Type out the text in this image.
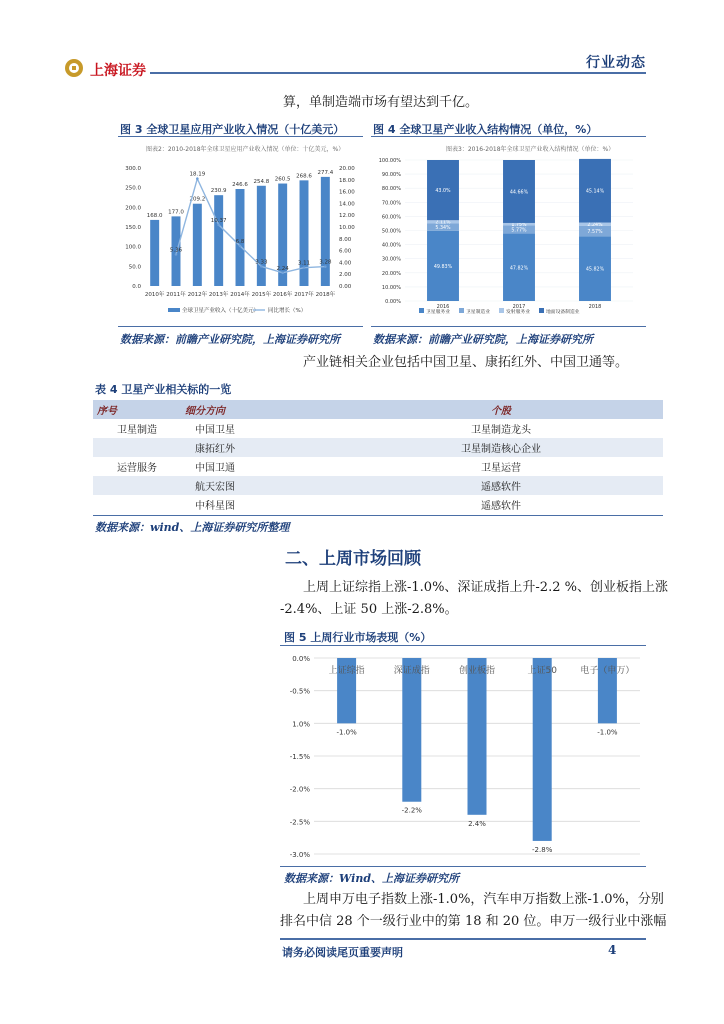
上海证券	行业动态
算，单制造端市场有望达到千亿。
图 3 全球卫星应用产业收入情况（十亿美元）	图 4 全球卫星产业收入结构情况（单位，%）
图表2：2010-2018年全球卫星应用产业收入情况（单位：十亿美元，%）
0.0
50.0
100.0
150.0
200.0
250.0
300.0
0.00
2.00
4.00
6.00
8.00
10.00
12.00
14.00
16.00
18.00
20.00
168.0
2010年
177.0
2011年
209.2
2012年
230.9
2013年
246.6
2014年
254.8
2015年
260.5
2016年
268.6
2017年
277.4
2018年
5.36
18.19
10.37
6.8
3.33
2.24
3.11 3.28
全球卫星产业收入（十亿美元） 同比增长（%）
图表3：2016-2018年全球卫星产业收入结构情况（单位：%）
0.00%
10.00%
20.00%
30.00%
40.00%
50.00%
60.00%
70.00%
80.00%
90.00%
100.00%
49.83%
5.34%
2.11%
43.0%
2016
47.82%
5.77%
1.75%
44.66%
2017
45.82%
7.57%
2.24%
45.14%
2018
卫星服务业	卫星制造业	发射服务业	地面设备制造业
数据来源：前瞻产业研究院，上海证券研究所	数据来源：前瞻产业研究院，上海证券研究所
产业链相关企业包括中国卫星、康拓红外、中国卫通等。
表 4 卫星产业相关标的一览
序号	细分方向	个股
卫星制造	中国卫星	卫星制造龙头
	康拓红外	卫星制造核心企业
运营服务	中国卫通	卫星运营
	航天宏图	遥感软件
	中科星图	遥感软件
数据来源：wind、上海证券研究所整理
二、上周市场回顾
上周上证综指上涨-1.0%、深证成指上升-2.2 %、创业板指上涨
-2.4%、上证 50 上涨-2.8%。
图 5 上周行业市场表现（%）
0.0%
-0.5%
1.0%
-1.5%
-2.0%
-2.5%
-3.0%
-1.0%
上证综指
-2.2%
深证成指
2.4%
创业板指
-2.8%
上证50
-1.0%
电子（申万）
数据来源：Wind、上海证券研究所
上周申万电子指数上涨-1.0%，汽车申万指数上涨-1.0%，分别
排名中信 28 个一级行业中的第 18 和 20 位。申万一级行业中涨幅
请务必阅读尾页重要声明	4
